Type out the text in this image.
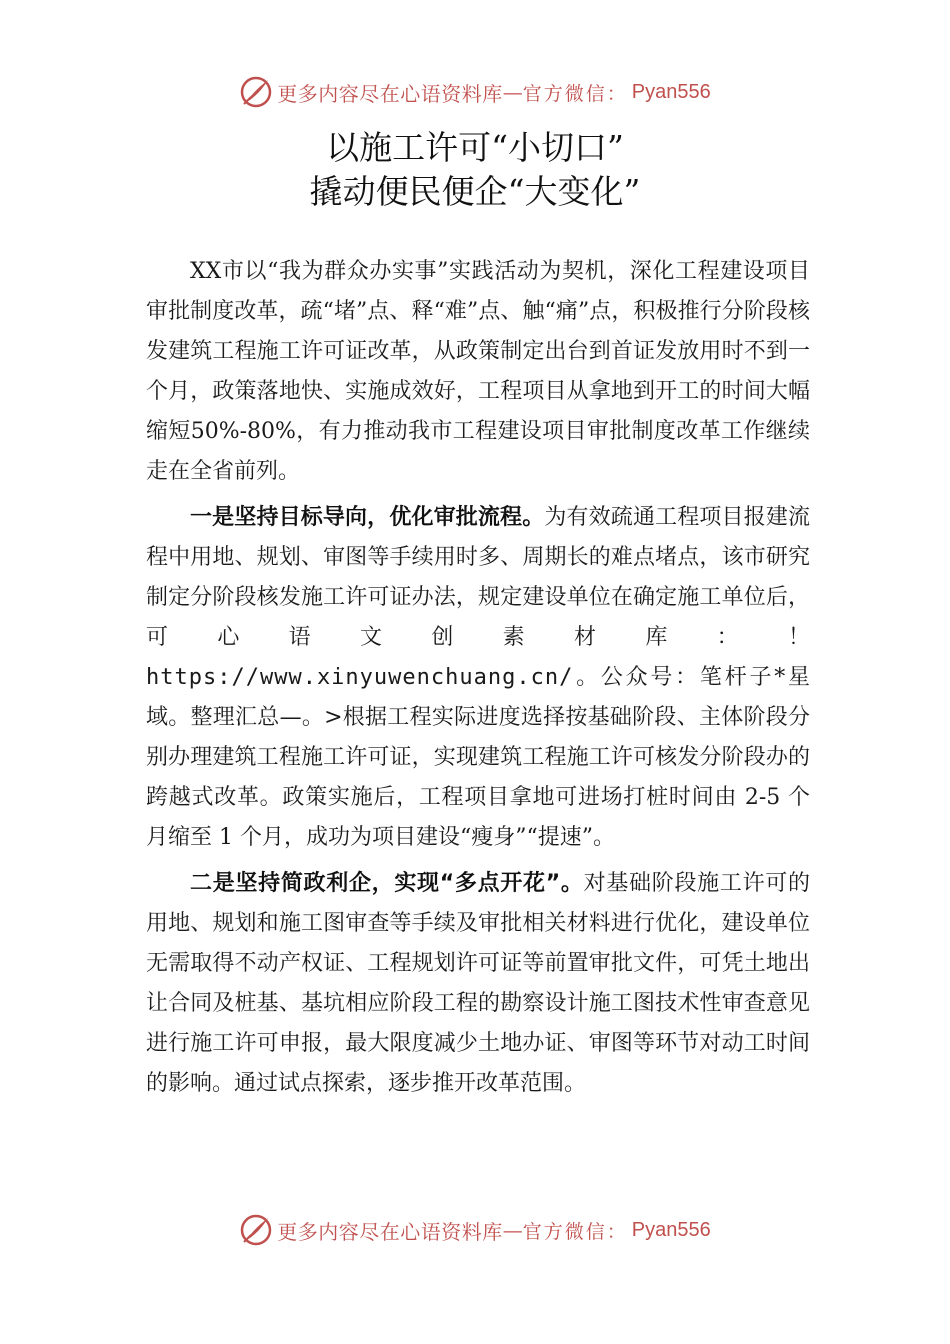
更多内容尽在心语资料库 — 官方微信： Pyan556
以施工许可“小切口”
撬动便民便企“大变化”

XX市以“我为群众办实事”实践活动为契机，深化工程建设项目审批制度改革，疏“堵”点、释“难”点、触“痛”点，积极推行分阶段核发建筑工程施工许可证改革，从政策制定出台到首证发放用时不到一个月，政策落地快、实施成效好，工程项目从拿地到开工的时间大幅缩短50%-80%，有力推动我市工程建设项目审批制度改革工作继续走在全省前列。

一是坚持目标导向，优化审批流程。为有效疏通工程项目报建流程中用地、规划、审图等手续用时多、周期长的难点堵点，该市研究制定分阶段核发施工许可证办法，规定建设单位在确定施工单位后，可心语文创素材库：！https://www.xinyuwenchuang.cn/。公众号：笔杆子*星域。整理汇总—。>根据工程实际进度选择按基础阶段、主体阶段分别办理建筑工程施工许可证，实现建筑工程施工许可核发分阶段办的跨越式改革。政策实施后，工程项目拿地可进场打桩时间由 2-5 个月缩至 1 个月，成功为项目建设“瘦身”“提速”。

二是坚持简政利企，实现“多点开花”。对基础阶段施工许可的用地、规划和施工图审查等手续及审批相关材料进行优化，建设单位无需取得不动产权证、工程规划许可证等前置审批文件，可凭土地出让合同及桩基、基坑相应阶段工程的勘察设计施工图技术性审查意见进行施工许可申报，最大限度减少土地办证、审图等环节对动工时间的影响。通过试点探索，逐步推开改革范围。

更多内容尽在心语资料库 — 官方微信： Pyan556
